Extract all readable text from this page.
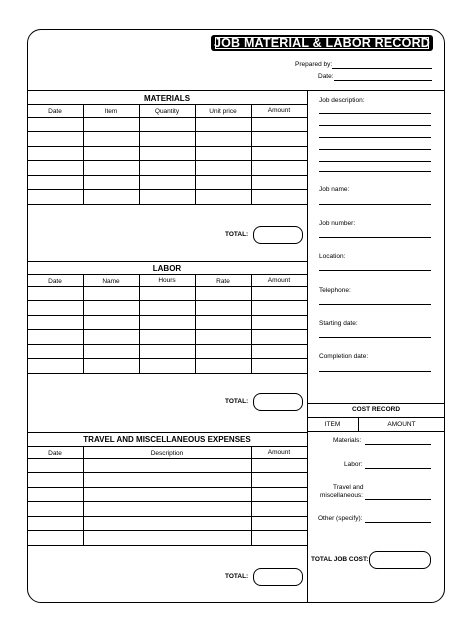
JOB MATERIAL & LABOR RECORD
Prepared by:
Date:
MATERIALS
Date	Item	Quantity	Unit price	Amount
TOTAL:
LABOR
Date	Name	Hours	Rate	Amount
TOTAL:
TRAVEL AND MISCELLANEOUS EXPENSES
Date	Description	Amount
TOTAL:
Job description:
Job name:
Job number:
Location:
Telephone:
Starting date:
Completion date:
COST RECORD
ITEM	AMOUNT
Materials:
Labor:
Travel and
miscellaneous:
Other (specify):
TOTAL JOB COST:
